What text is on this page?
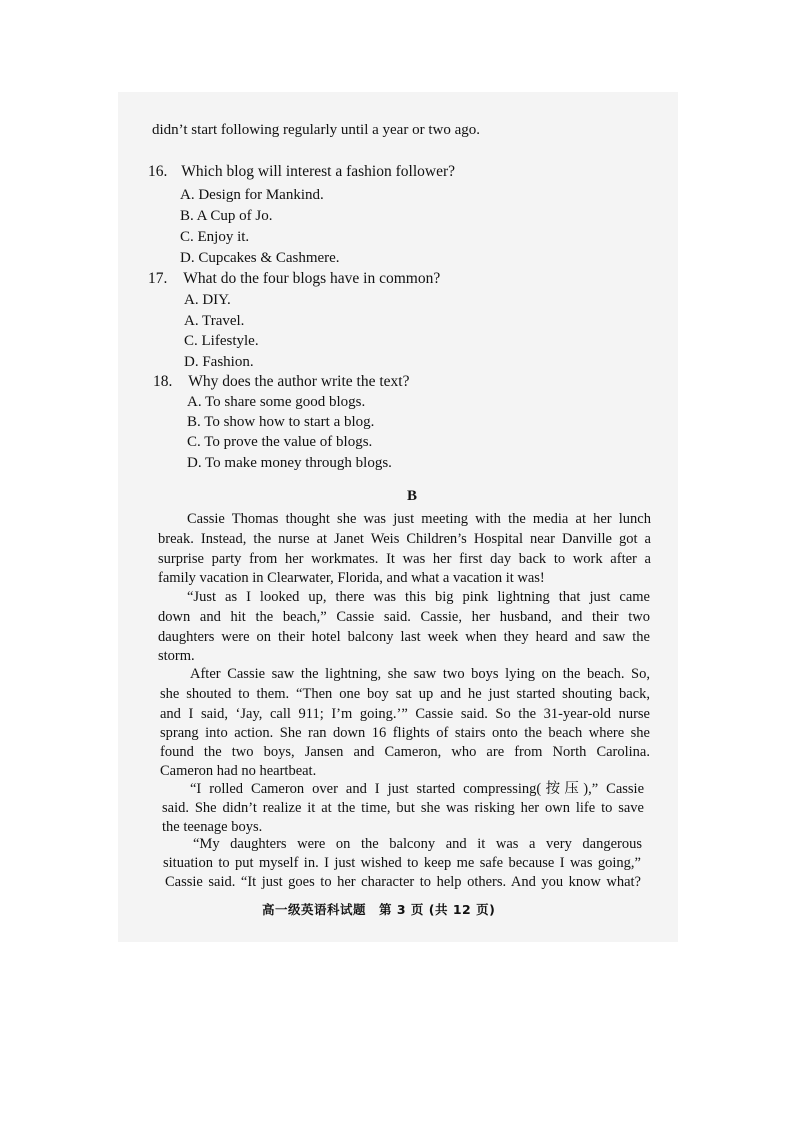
didn’t start following regularly until a year or two ago.
16. Which blog will interest a fashion follower?
A. Design for Mankind.
B. A Cup of Jo.
C. Enjoy it.
D. Cupcakes & Cashmere.
17. What do the four blogs have in common?
A. DIY.
A. Travel.
C. Lifestyle.
D. Fashion.
18. Why does the author write the text?
A. To share some good blogs.
B. To show how to start a blog.
C. To prove the value of blogs.
D. To make money through blogs.
B
Cassie Thomas thought she was just meeting with the media at her lunch
break. Instead, the nurse at Janet Weis Children’s Hospital near Danville got a
surprise party from her workmates. It was her first day back to work after a
family vacation in Clearwater, Florida, and what a vacation it was!
“Just as I looked up, there was this big pink lightning that just came
down and hit the beach,” Cassie said. Cassie, her husband, and their two
daughters were on their hotel balcony last week when they heard and saw the
storm.
After Cassie saw the lightning, she saw two boys lying on the beach. So,
she shouted to them. “Then one boy sat up and he just started shouting back,
and I said, ‘Jay, call 911; I’m going.’” Cassie said. So the 31-year-old nurse
sprang into action. She ran down 16 flights of stairs onto the beach where she
found the two boys, Jansen and Cameron, who are from North Carolina.
Cameron had no heartbeat.
“I rolled Cameron over and I just started compressing(按压),” Cassie
said. She didn’t realize it at the time, but she was risking her own life to save
the teenage boys.
“My daughters were on the balcony and it was a very dangerous
situation to put myself in. I just wished to keep me safe because I was going,”
Cassie said. “It just goes to her character to help others. And you know what?
高一级英语科试题　第 3 页 (共 12 页)
